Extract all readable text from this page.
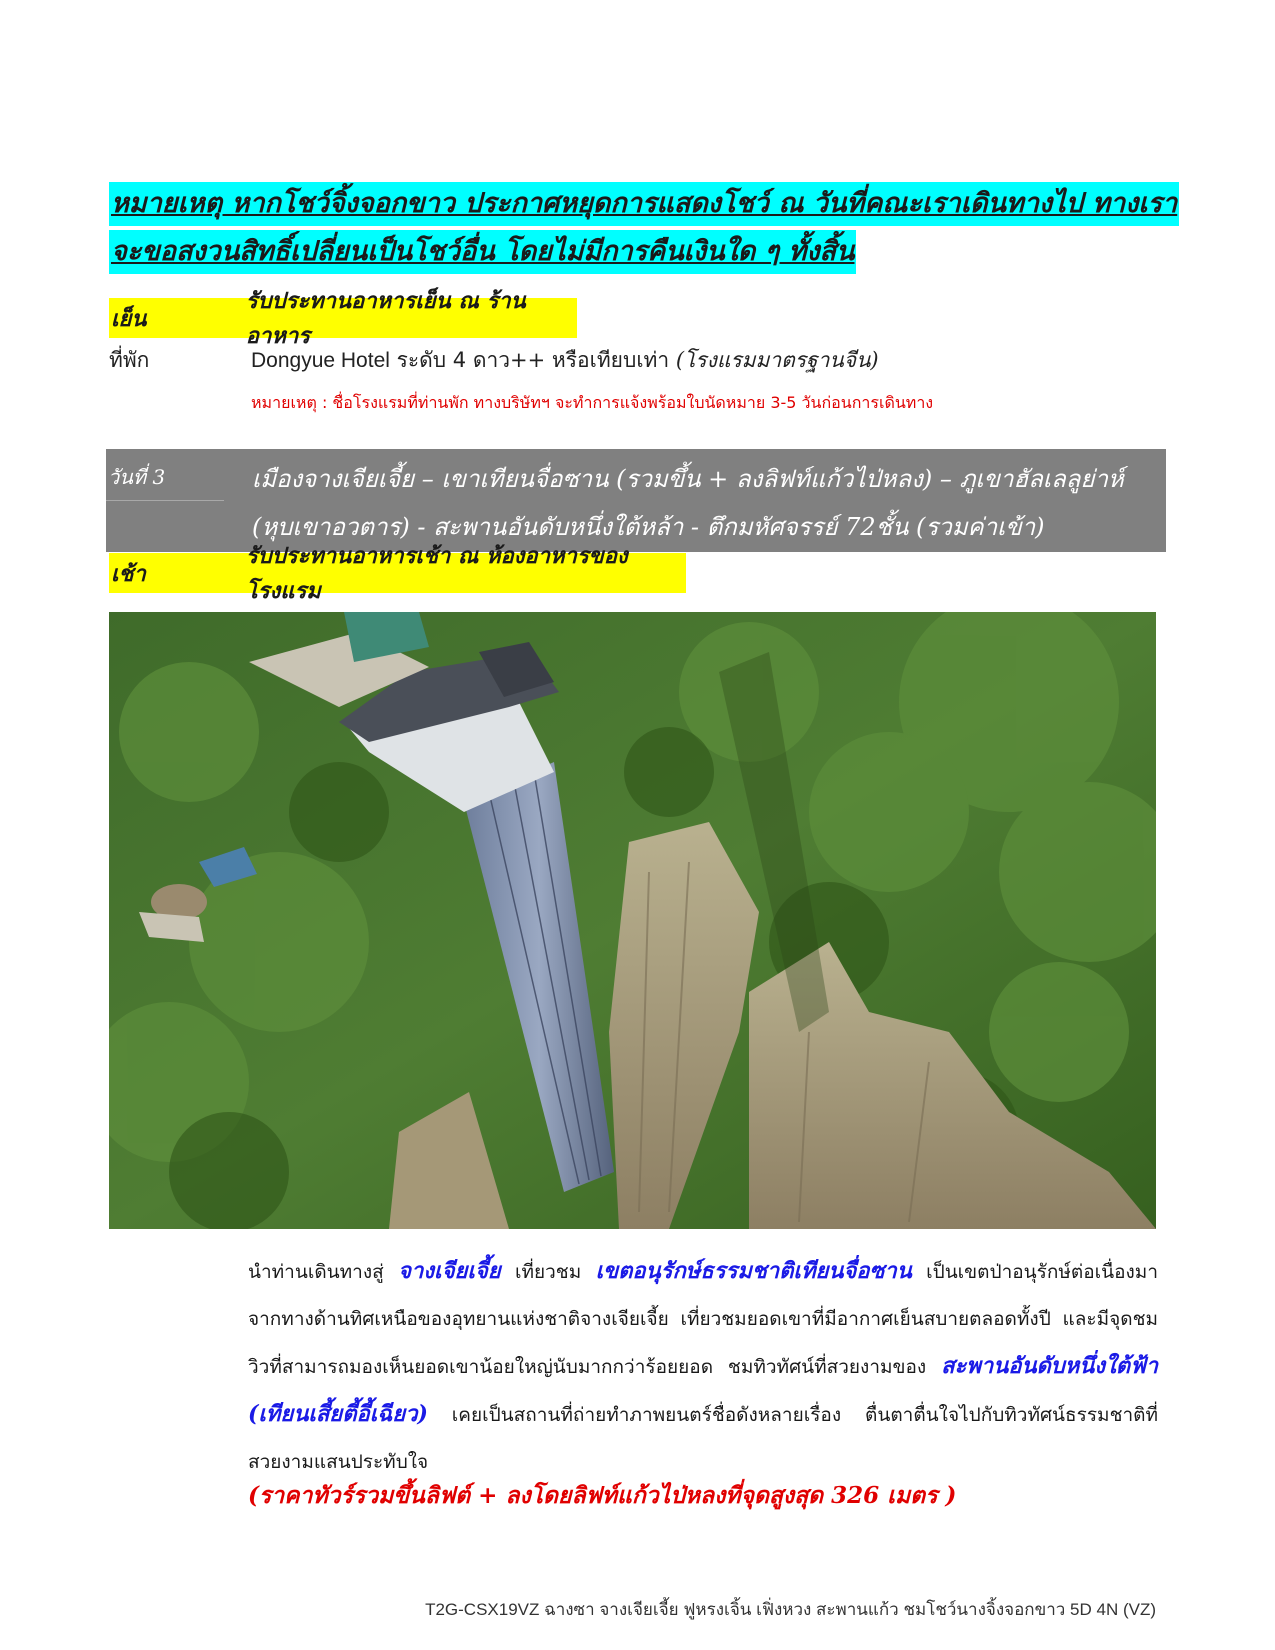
หมายเหตุ หากโชว์จิ้งจอกขาว ประกาศหยุดการแสดงโชว์ ณ วันที่คณะเราเดินทางไป ทางเรา
จะขอสงวนสิทธิ์เปลี่ยนเป็นโชว์อื่น โดยไม่มีการคืนเงินใด ๆ ทั้งสิ้น
เย็น
รับประทานอาหารเย็น ณ ร้านอาหาร
ที่พัก	Dongyue Hotel ระดับ 4 ดาว++ หรือเทียบเท่า (โรงแรมมาตรฐานจีน)
หมายเหตุ : ชื่อโรงแรมที่ท่านพัก ทางบริษัทฯ จะทำการแจ้งพร้อมใบนัดหมาย 3-5 วันก่อนการเดินทาง
วันที่ 3	เมืองจางเจียเจี้ย – เขาเทียนจื่อซาน (รวมขึ้น + ลงลิฟท์แก้วไป่หลง) – ภูเขาฮัลเลลูย่าห์
(หุบเขาอวตาร) - สะพานอันดับหนึ่งใต้หล้า - ตึกมหัศจรรย์ 72ชั้น (รวมค่าเข้า)
เช้า
รับประทานอาหารเช้า ณ ห้องอาหารของโรงแรม
นำท่านเดินทางสู่ จางเจียเจี้ย เที่ยวชม เขตอนุรักษ์ธรรมชาติเทียนจื่อซาน เป็นเขตป่าอนุรักษ์ต่อเนื่องมาจากทางด้านทิศเหนือของอุทยานแห่งชาติจางเจียเจี้ย เที่ยวชมยอดเขาที่มีอากาศเย็นสบายตลอดทั้งปี และมีจุดชมวิวที่สามารถมองเห็นยอดเขาน้อยใหญ่นับมากกว่าร้อยยอด ชมทิวทัศน์ที่สวยงามของ สะพานอันดับหนึ่งใต้ฟ้า (เทียนเสี้ยตี้อี้เฉียว) เคยเป็นสถานที่ถ่ายทำภาพยนตร์ชื่อดังหลายเรื่อง ตื่นตาตื่นใจไปกับทิวทัศน์ธรรมชาติที่สวยงามแสนประทับใจ
(ราคาทัวร์รวมขึ้นลิฟต์ + ลงโดยลิฟท์แก้วไป่หลงที่จุดสูงสุด 326 เมตร )
T2G-CSX19VZ ฉางซา จางเจียเจี้ย ฟูหรงเจิ้น เฟิ่งหวง สะพานแก้ว ชมโชว์นางจิ้งจอกขาว 5D 4N (VZ)
